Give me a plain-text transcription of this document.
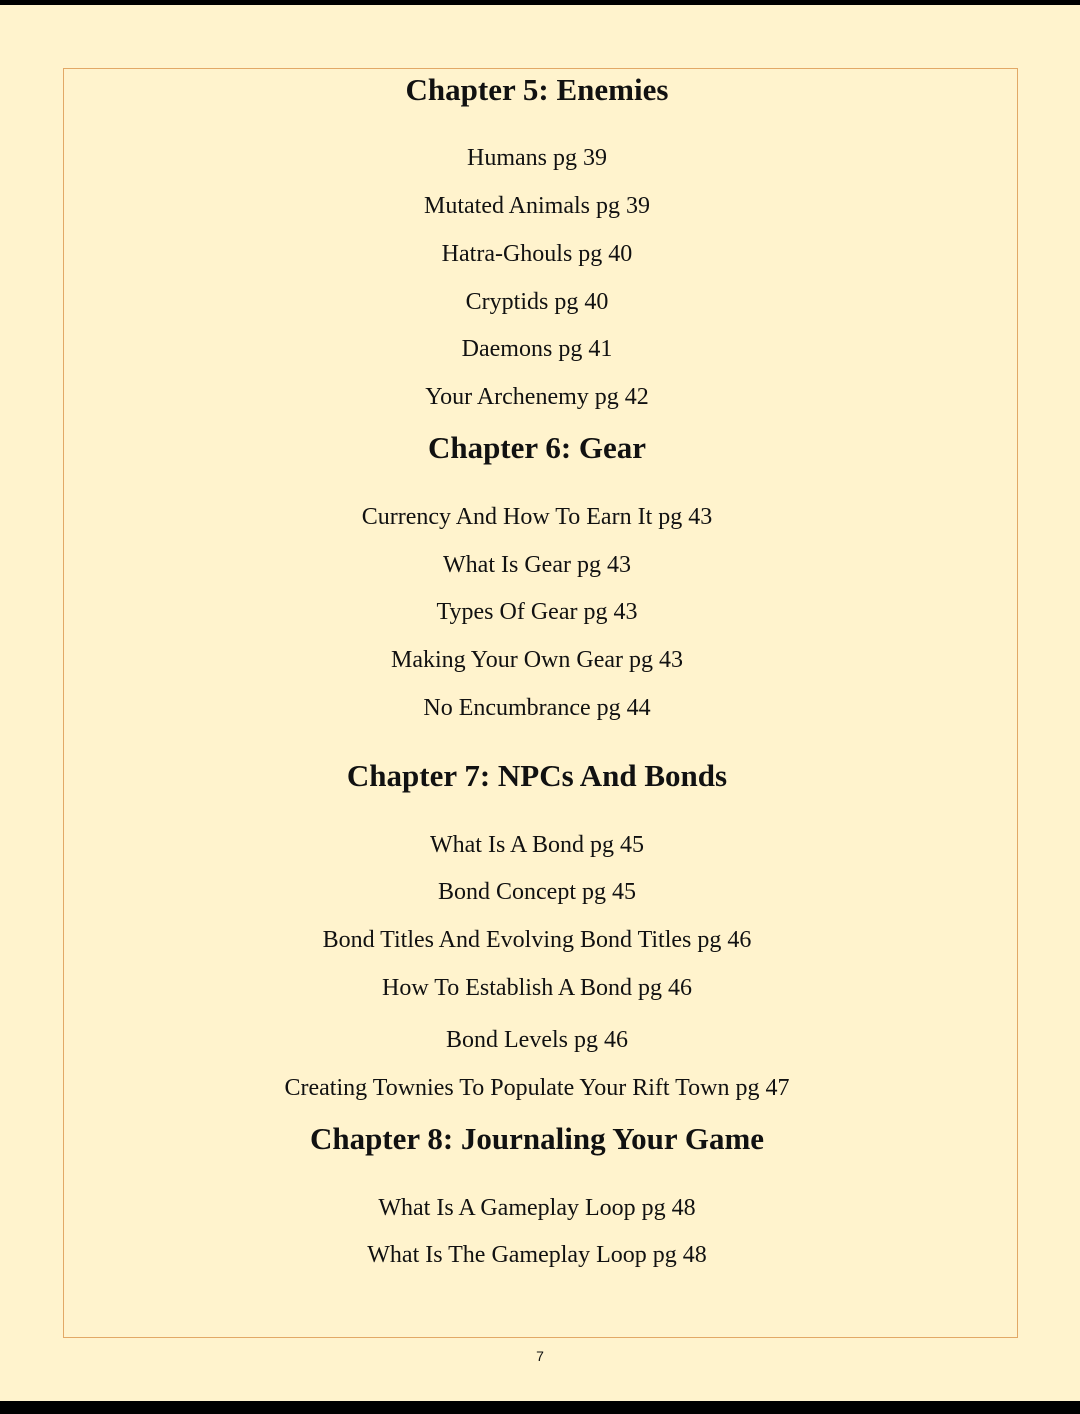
Chapter 5: Enemies
Humans pg 39
Mutated Animals pg 39
Hatra-Ghouls pg 40
Cryptids pg 40
Daemons pg 41
Your Archenemy pg 42
Chapter 6: Gear
Currency And How To Earn It pg 43
What Is Gear pg 43
Types Of Gear pg 43
Making Your Own Gear pg 43
No Encumbrance pg 44
Chapter 7: NPCs And Bonds
What Is A Bond pg 45
Bond Concept pg 45
Bond Titles And Evolving Bond Titles pg 46
How To Establish A Bond pg 46
Bond Levels pg 46
Creating Townies To Populate Your Rift Town pg 47
Chapter 8: Journaling Your Game
What Is A Gameplay Loop pg 48
What Is The Gameplay Loop pg 48
7
